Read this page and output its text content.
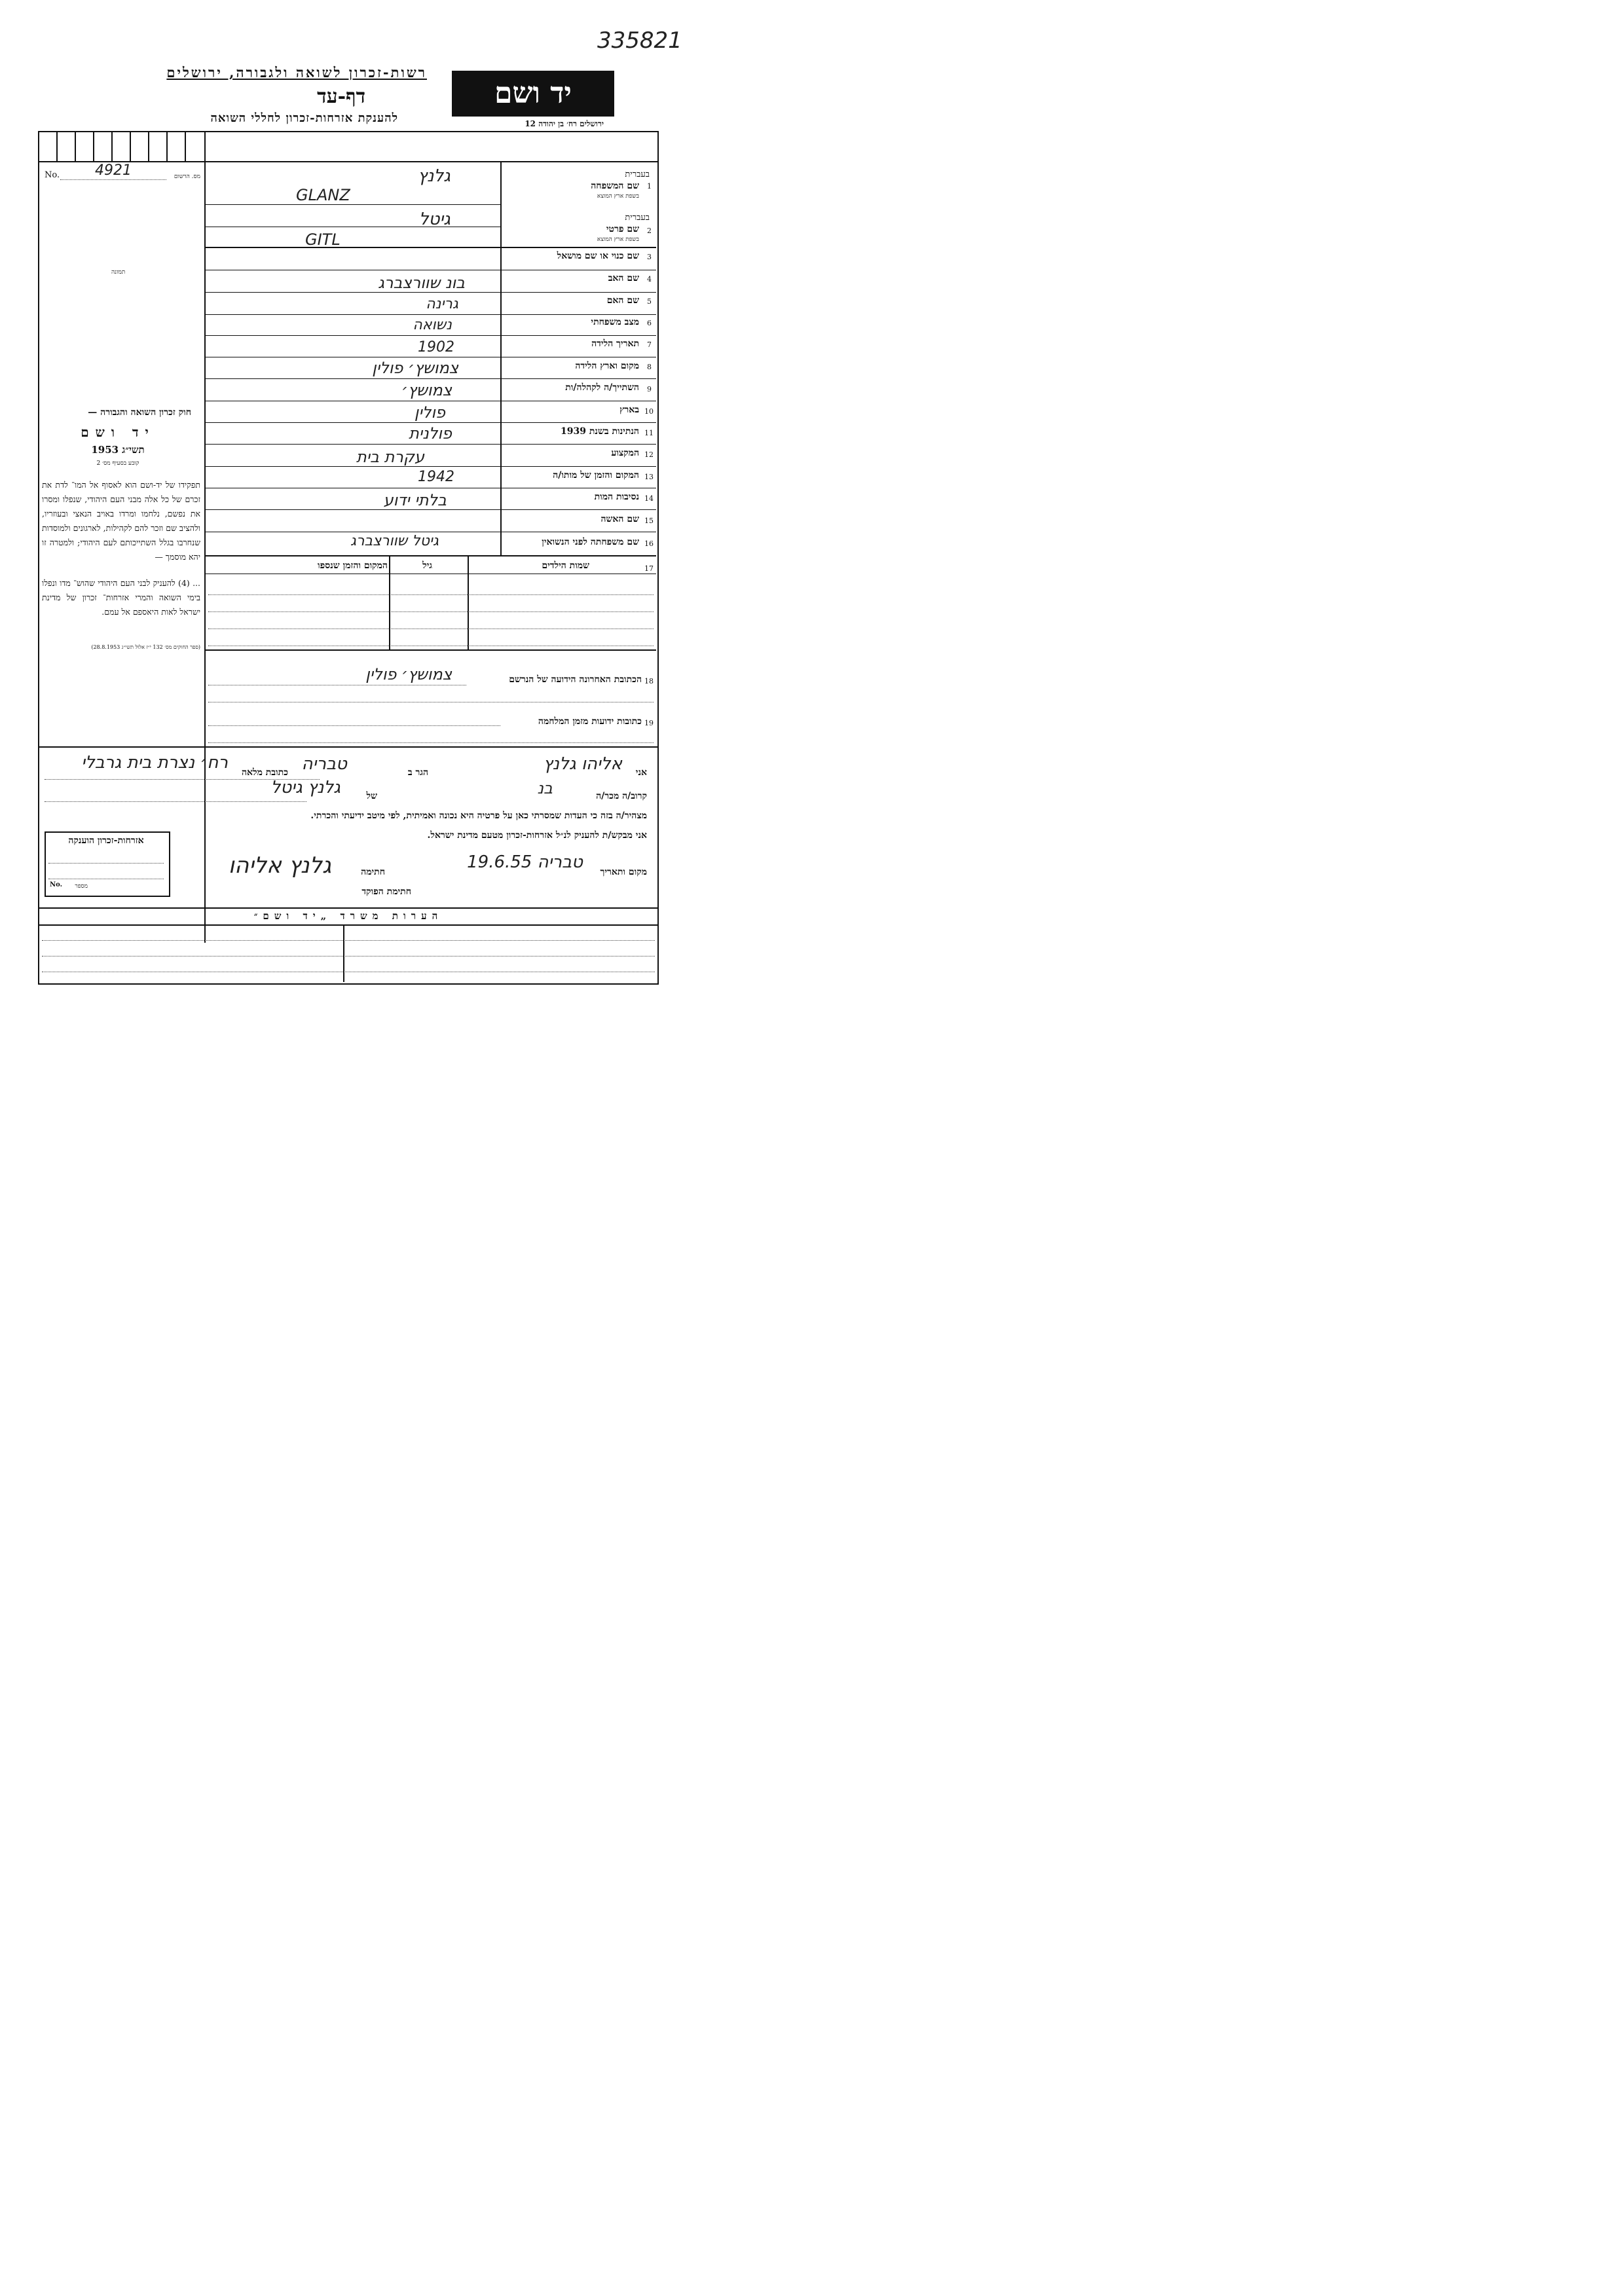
335821
רשות-זכרון לשואה ולגבורה, ירושלים
דף-עד
להענקת אזרחות-זכרון לחללי השואה
יד ושם
ירושלים רח׳ בן יהודה 12
No. 4921	מס. הרשום
תמונה
חוק זכרון השואה והגבורה —
יד ושם
תשי״ג 1953
קובע בסעיף מס׳ 2
תפקידו של יד-ושם הוא לאסוף אל המו־ לדת את זכרם של כל אלה מבני העם היהודי, שנפלו ומסרו את נפשם, נלחמו ומרדו באויב הנאצי ובעוזריו, ולהציב שם וזכר להם לקהילות, לארגונים ולמוסדות שנחרבו בגלל השתייכותם לעם היהודי; ולמטרה זו יהא מוסמך —
... (4) להעניק לבני העם היהודי שהוש־ מדו ונפלו בימי השואה והמרי אזרחות־ זכרון של מדינת ישראל לאות היאספם אל עמם.
(ספר החוקים מס׳ 132 י״ז אלול תשי״ג 28.8.1953)
בעברית
שם המשפחה 1
בשפת ארץ המוצא
בעברית
שם פרטי 2
בשפת ארץ המוצא
שם כנוי או שם מושאל 3
שם האב 4
שם האם 5
מצב משפחתי 6
תאריך הלידה 7
מקום וארץ הלידה 8
השתייך/ה לקהלה/ות 9
בארץ 10
הנתינות בשנת 1939 11
המקצוע 12
המקום והזמן של מותו/ה 13
נסיבות המות 14
שם האשה 15
שם משפחתה לפני הנשואין 16
גלנץ
GLANZ
גיטל
GITL
בונ שוורצברג
גרינה
נשואה
1902
צמושץ׳ פולין
צמושץ׳
פולין
פולנית
עקרת בית
1942
בלתי ידוע
גיטל שוורצברג
17
שמות הילדים
גיל
המקום והזמן שנספו
18
הכתובת האחרונה הידועה של הנרשם
צמושץ׳ פולין
19
כתובות ידועות מזמן המלחמה
אני
אליהו גלנץ
הגר ב
טבריה
כתובת מלאה
רח׳ נצרת בית גרבלי
קרוב/ה מכר/ה
בנ
של
גלנץ גיטל
מצהיר/ה בזה כי העדות שמסרתי כאן על פרטיה היא נכונה ואמיתית, לפי מיטב ידיעתי והכרתי.
אני מבקש/ת להעניק לנ״ל אזרחות-זכרון מטעם מדינת ישראל.
מקום ותאריך
טבריה 19.6.55
חתימה
גלנץ אליהו
חתימת הפוקד
אזרחות-זכרון הוענקה
No. מספר
הערות משרד „יד ושם״
